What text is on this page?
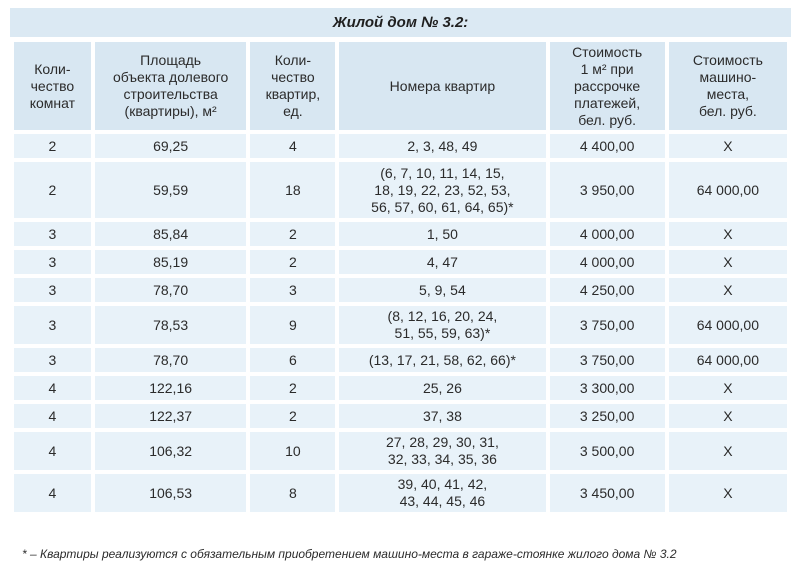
Жилой дом № 3.2:
Коли-
чество
комнат	Площадь
объекта долевого
строительства
(квартиры), м²	Коли-
чество
квартир,
ед.	Номера квартир	Стоимость
1 м² при
рассрочке
платежей,
бел. руб.	Стоимость
машино-
места,
бел. руб.
2	69,25	4	2, 3, 48, 49	4 400,00	Х
2	59,59	18	(6, 7, 10, 11, 14, 15,
18, 19, 22, 23, 52, 53,
56, 57, 60, 61, 64, 65)*	3 950,00	64 000,00
3	85,84	2	1, 50	4 000,00	Х
3	85,19	2	4, 47	4 000,00	Х
3	78,70	3	5, 9, 54	4 250,00	Х
3	78,53	9	(8, 12, 16, 20, 24,
51, 55, 59, 63)*	3 750,00	64 000,00
3	78,70	6	(13, 17, 21, 58, 62, 66)*	3 750,00	64 000,00
4	122,16	2	25, 26	3 300,00	Х
4	122,37	2	37, 38	3 250,00	Х
4	106,32	10	27, 28, 29, 30, 31,
32, 33, 34, 35, 36	3 500,00	Х
4	106,53	8	39, 40, 41, 42,
43, 44, 45, 46	3 450,00	Х
* – Квартиры реализуются с обязательным приобретением машино-места в гараже-стоянке жилого дома № 3.2
